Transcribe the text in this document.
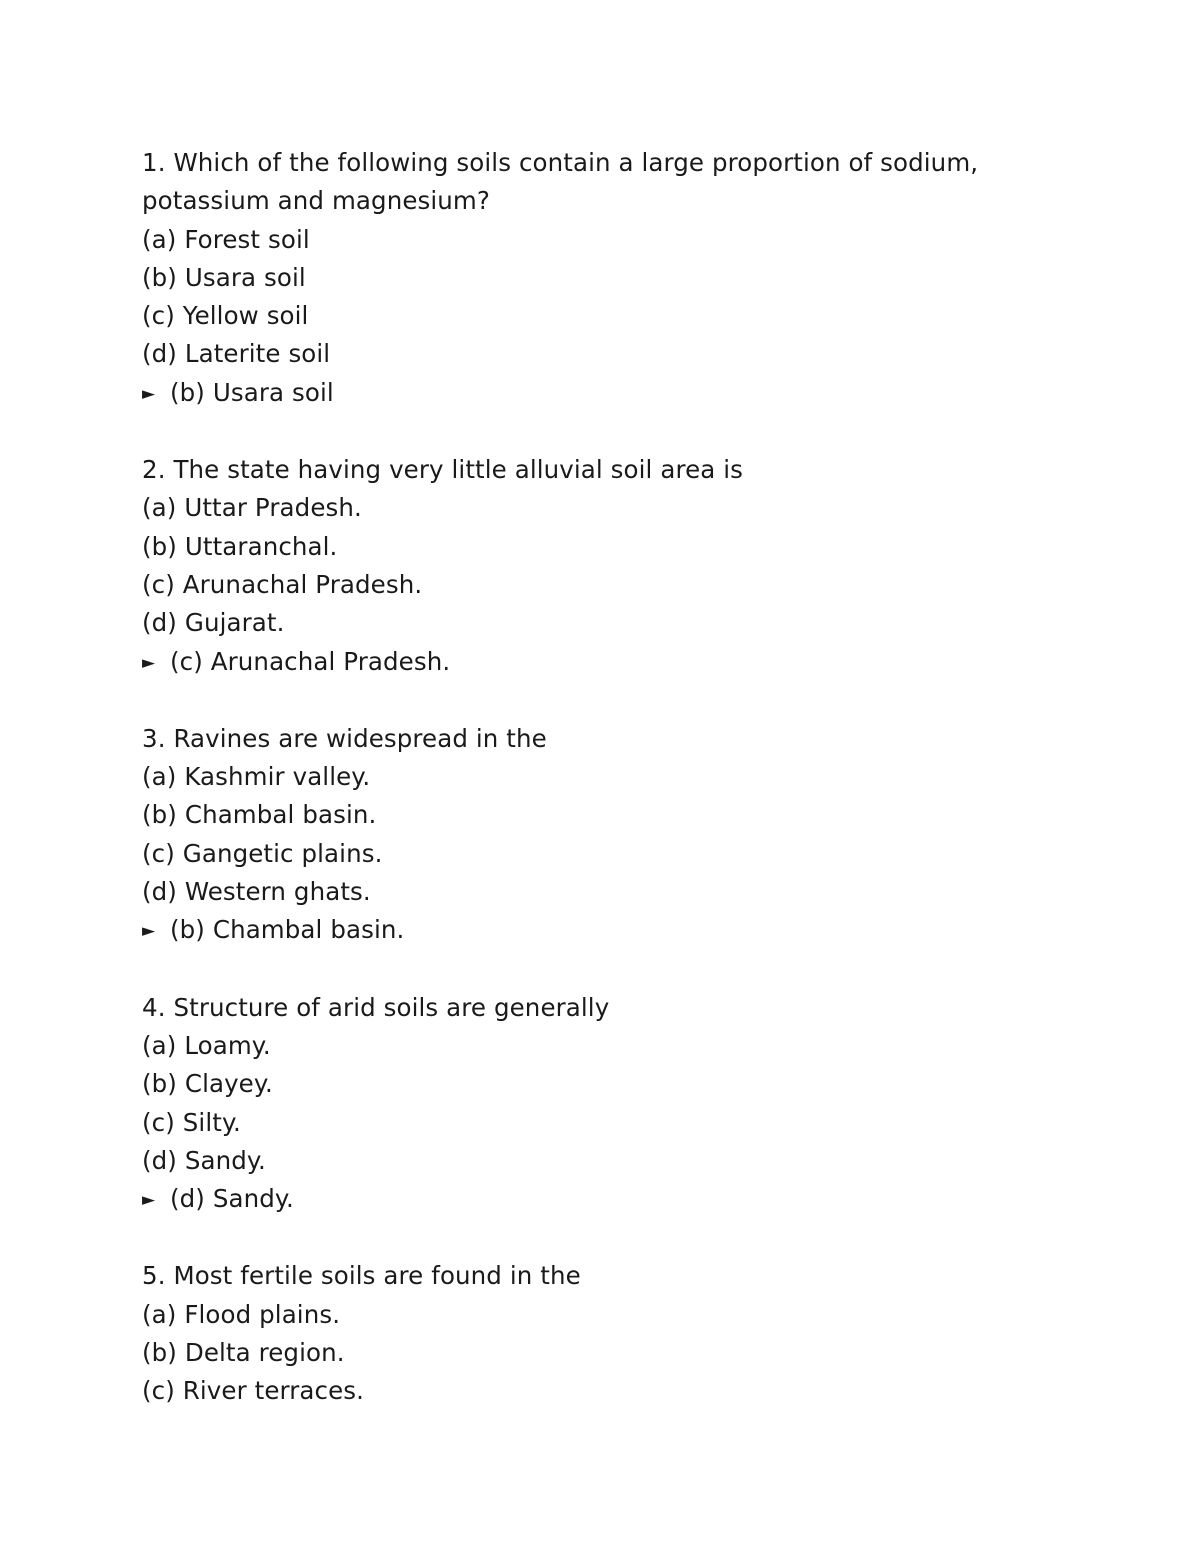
1. Which of the following soils contain a large proportion of sodium, potassium and magnesium?
(a) Forest soil
(b) Usara soil
(c) Yellow soil
(d) Laterite soil
► (b) Usara soil
2. The state having very little alluvial soil area is
(a) Uttar Pradesh.
(b) Uttaranchal.
(c) Arunachal Pradesh.
(d) Gujarat.
► (c) Arunachal Pradesh.
3. Ravines are widespread in the
(a) Kashmir valley.
(b) Chambal basin.
(c) Gangetic plains.
(d) Western ghats.
► (b) Chambal basin.
4. Structure of arid soils are generally
(a) Loamy.
(b) Clayey.
(c) Silty.
(d) Sandy.
► (d) Sandy.
5. Most fertile soils are found in the
(a) Flood plains.
(b) Delta region.
(c) River terraces.
